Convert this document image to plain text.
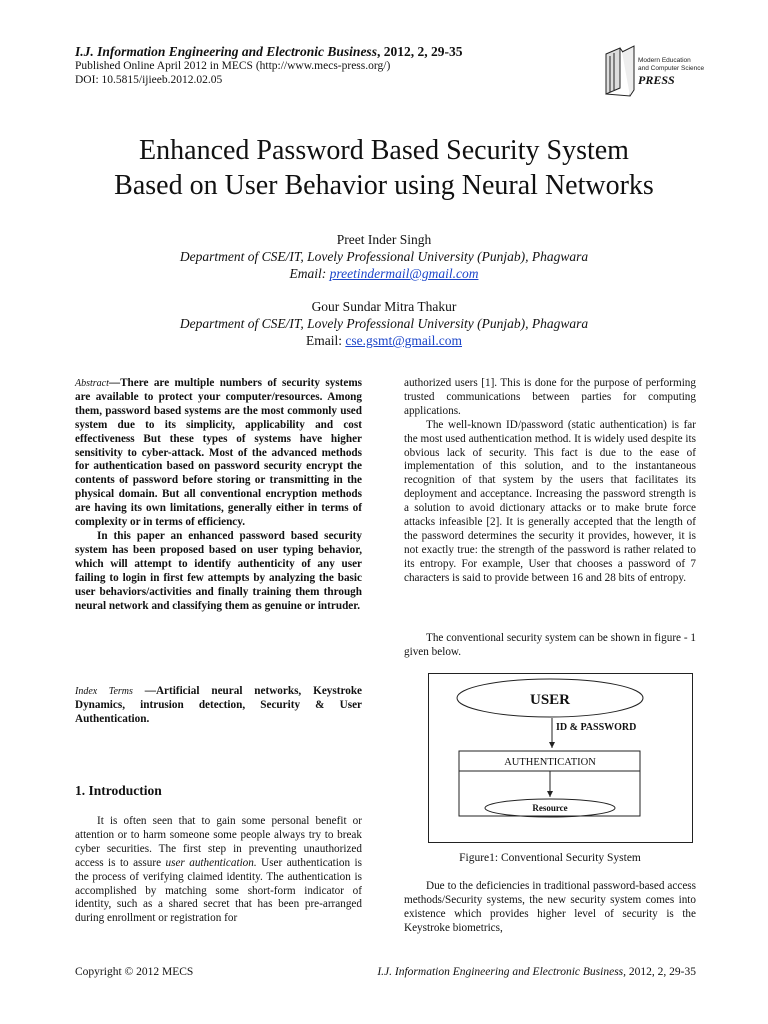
I.J. Information Engineering and Electronic Business, 2012, 2, 29-35
Published Online April 2012 in MECS (http://www.mecs-press.org/)
DOI: 10.5815/ijieeb.2012.02.05
Modern Education
and Computer Science
PRESS
Enhanced Password Based Security System
Based on User Behavior using Neural Networks
Preet Inder Singh
Department of CSE/IT, Lovely Professional University (Punjab), Phagwara
Email: preetindermail@gmail.com
Gour Sundar Mitra Thakur
Department of CSE/IT, Lovely Professional University (Punjab), Phagwara
Email: cse.gsmt@gmail.com

Abstract—There are multiple numbers of security systems are available to protect your computer/resources. Among them, password based systems are the most commonly used system due to its simplicity, applicability and cost effectiveness But these types of systems have higher sensitivity to cyber-attack. Most of the advanced methods for authentication based on password security encrypt the contents of password before storing or transmitting in the physical domain. But all conventional encryption methods are having its own limitations, generally either in terms of complexity or in terms of efficiency.

In this paper an enhanced password based security system has been proposed based on user typing behavior, which will attempt to identify authenticity of any user failing to login in first few attempts by analyzing the basic user behaviors/activities and finally training them through neural network and classifying them as genuine or intruder.

Index Terms —Artificial neural networks, Keystroke Dynamics, intrusion detection, Security & User Authentication.

1. Introduction

It is often seen that to gain some personal benefit or attention or to harm someone some people always try to break cyber securities. The first step in preventing unauthorized access is to assure user authentication. User authentication is the process of verifying claimed identity. The authentication is accomplished by matching some short-form indicator of identity, such as a shared secret that has been pre-arranged during enrollment or registration for

authorized users [1]. This is done for the purpose of performing trusted communications between parties for computing applications.

The well-known ID/password (static authentication) is far the most used authentication method. It is widely used despite its obvious lack of security. This fact is due to the ease of implementation of this solution, and to the instantaneous recognition of that system by the users that facilitates its deployment and acceptance. Increasing the password strength is a solution to avoid dictionary attacks or to make brute force attacks infeasible [2]. It is generally accepted that the length of the password determines the security it provides, however, it is not exactly true: the strength of the password is rather related to its entropy. For example, User that chooses a password of 7 characters is said to provide between 16 and 28 bits of entropy.

The conventional security system can be shown in figure - 1 given below.

USER
ID & PASSWORD
AUTHENTICATION
Resource
Figure1: Conventional Security System

Due to the deficiencies in traditional password-based access methods/Security systems, the new security system comes into existence which provides higher level of security is the Keystroke biometrics,

Copyright © 2012 MECS	I.J. Information Engineering and Electronic Business, 2012, 2, 29-35
